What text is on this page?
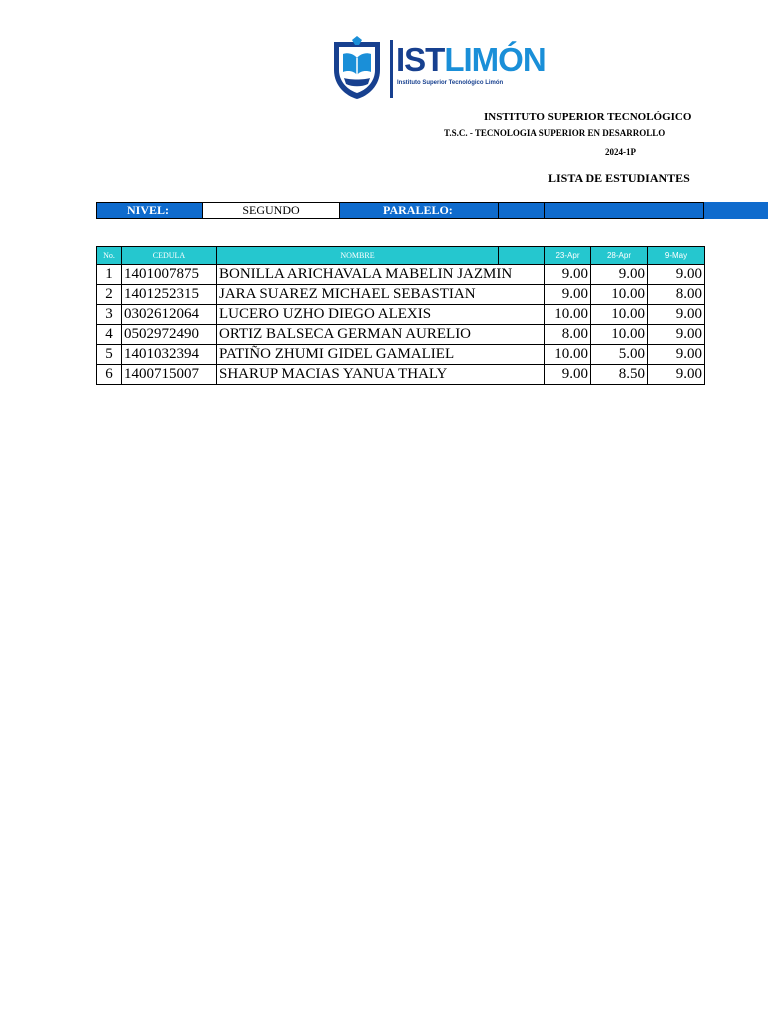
ISTLIMÓN
Instituto Superior Tecnológico Limón
INSTITUTO SUPERIOR TECNOLÓGICO
T.S.C. - TECNOLOGIA SUPERIOR EN DESARROLLO
2024-1P
LISTA DE ESTUDIANTES
NIVEL:	SEGUNDO	PARALELO:
No.	CEDULA	NOMBRE		23-Apr	28-Apr	9-May
1	1401007875	BONILLA ARICHAVALA MABELIN JAZMIN		9.00	9.00	9.00
2	1401252315	JARA SUAREZ MICHAEL SEBASTIAN		9.00	10.00	8.00
3	0302612064	LUCERO UZHO DIEGO ALEXIS		10.00	10.00	9.00
4	0502972490	ORTIZ BALSECA GERMAN AURELIO		8.00	10.00	9.00
5	1401032394	PATIÑO ZHUMI GIDEL GAMALIEL		10.00	5.00	9.00
6	1400715007	SHARUP MACIAS YANUA THALY		9.00	8.50	9.00
